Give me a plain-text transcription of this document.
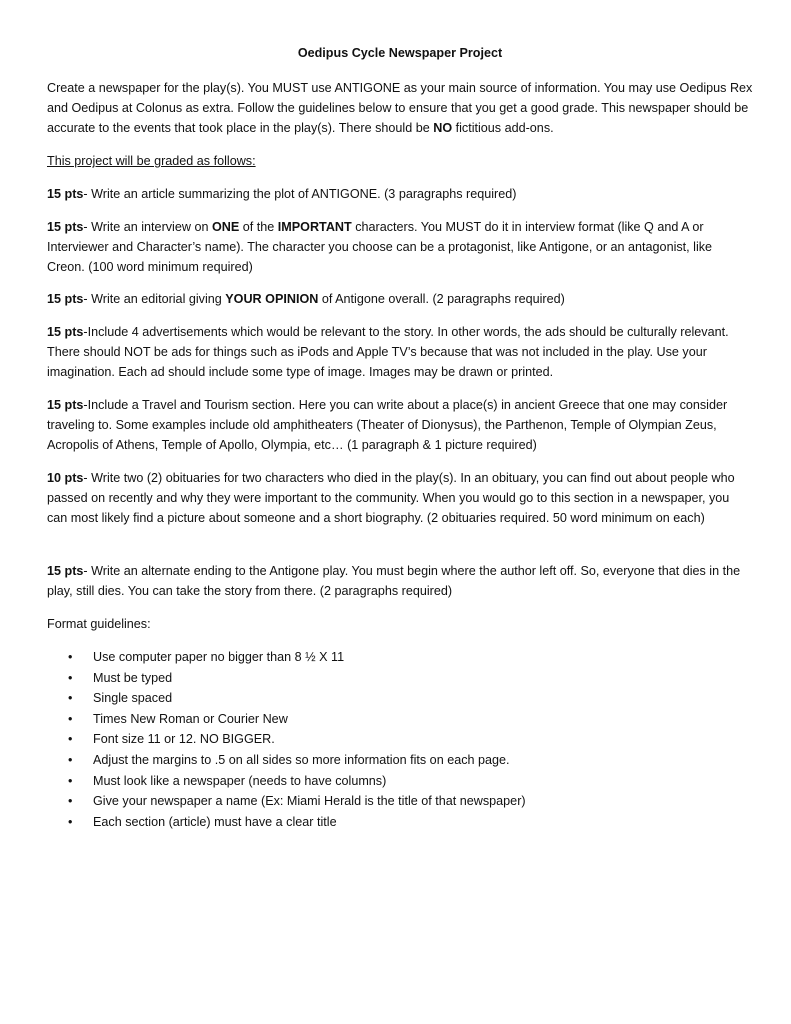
Oedipus Cycle Newspaper Project

Create a newspaper for the play(s). You MUST use ANTIGONE as your main source of information. You may use Oedipus Rex and Oedipus at Colonus as extra. Follow the guidelines below to ensure that you get a good grade. This newspaper should be accurate to the events that took place in the play(s). There should be NO fictitious add-ons.

This project will be graded as follows:

15 pts- Write an article summarizing the plot of ANTIGONE. (3 paragraphs required)

15 pts- Write an interview on ONE of the IMPORTANT characters. You MUST do it in interview format (like Q and A or Interviewer and Character’s name). The character you choose can be a protagonist, like Antigone, or an antagonist, like Creon. (100 word minimum required)

15 pts- Write an editorial giving YOUR OPINION of Antigone overall. (2 paragraphs required)

15 pts-Include 4 advertisements which would be relevant to the story. In other words, the ads should be culturally relevant. There should NOT be ads for things such as iPods and Apple TV’s because that was not included in the play. Use your imagination. Each ad should include some type of image. Images may be drawn or printed.

15 pts-Include a Travel and Tourism section. Here you can write about a place(s) in ancient Greece that one may consider traveling to. Some examples include old amphitheaters (Theater of Dionysus), the Parthenon, Temple of Olympian Zeus, Acropolis of Athens, Temple of Apollo, Olympia, etc… (1 paragraph & 1 picture required)

10 pts- Write two (2) obituaries for two characters who died in the play(s). In an obituary, you can find out about people who passed on recently and why they were important to the community. When you would go to this section in a newspaper, you can most likely find a picture about someone and a short biography. (2 obituaries required. 50 word minimum on each)

15 pts- Write an alternate ending to the Antigone play. You must begin where the author left off. So, everyone that dies in the play, still dies. You can take the story from there. (2 paragraphs required)

Format guidelines:

• Use computer paper no bigger than 8 ½ X 11
• Must be typed
• Single spaced
• Times New Roman or Courier New
• Font size 11 or 12. NO BIGGER.
• Adjust the margins to .5 on all sides so more information fits on each page.
• Must look like a newspaper (needs to have columns)
• Give your newspaper a name (Ex: Miami Herald is the title of that newspaper)
• Each section (article) must have a clear title
